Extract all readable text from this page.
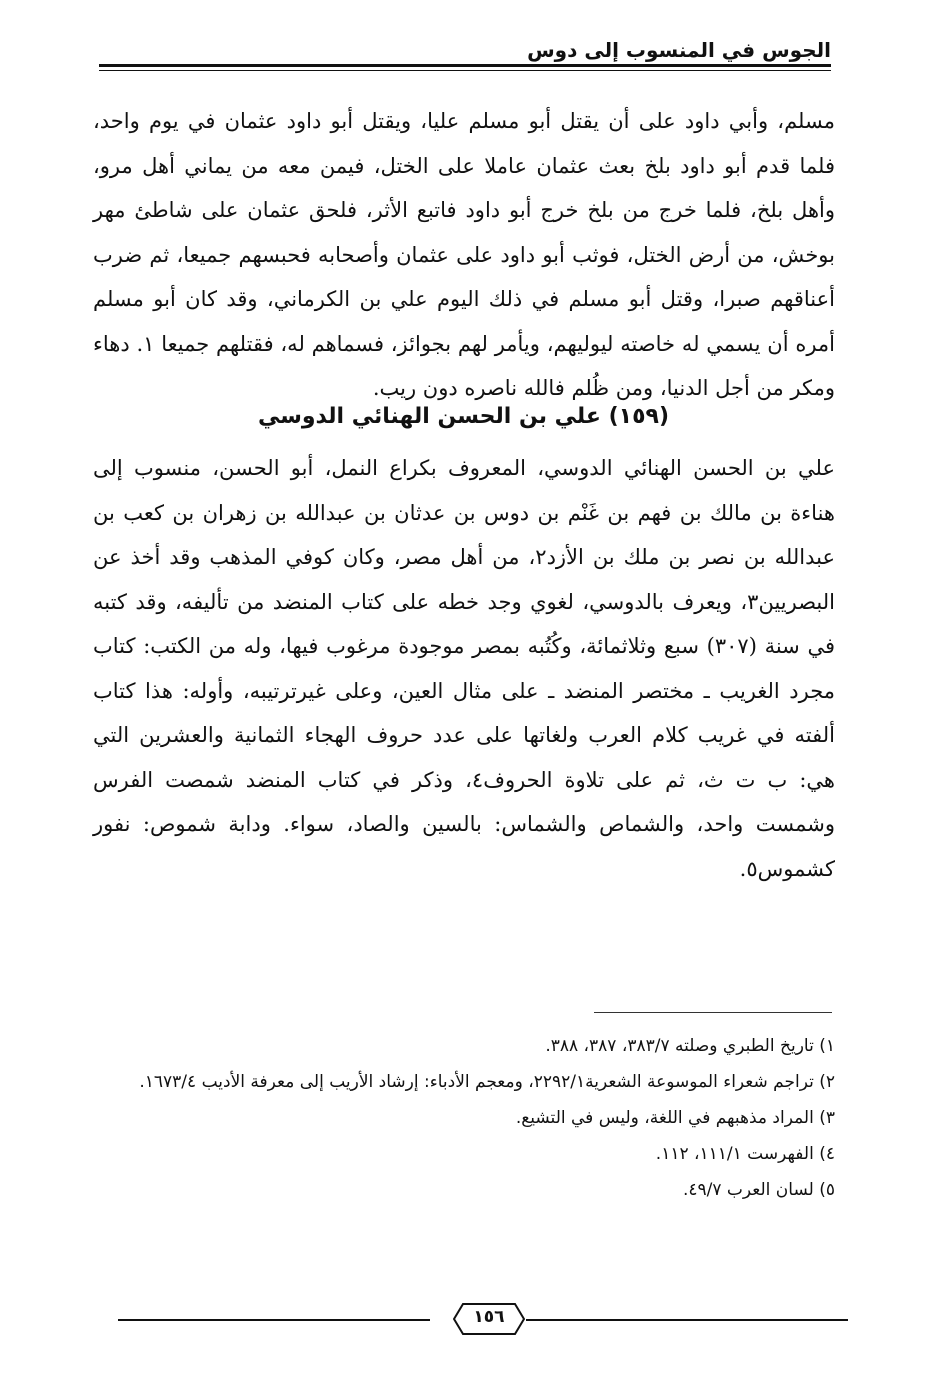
الجوس في المنسوب إلى دوس

مسلم، وأبي داود على أن يقتل أبو مسلم عليا، ويقتل أبو داود عثمان في يوم واحد، فلما قدم أبو داود بلخ بعث عثمان عاملا على الختل، فيمن معه من يماني أهل مرو، وأهل بلخ، فلما خرج من بلخ خرج أبو داود فاتبع الأثر، فلحق عثمان على شاطئ مهر بوخش، من أرض الختل، فوثب أبو داود على عثمان وأصحابه فحبسهم جميعا، ثم ضرب أعناقهم صبرا، وقتل أبو مسلم في ذلك اليوم علي بن الكرماني، وقد كان أبو مسلم أمره أن يسمي له خاصته ليوليهم، ويأمر لهم بجوائز، فسماهم له، فقتلهم جميعا ١. دهاء ومكر من أجل الدنيا، ومن ظُلم فالله ناصره دون ريب.

(١٥٩) علي بن الحسن الهنائي الدوسي

علي بن الحسن الهنائي الدوسي، المعروف بكراع النمل، أبو الحسن، منسوب إلى هناءة بن مالك بن فهم بن غَنْم بن دوس بن عدثان بن عبدالله بن زهران بن كعب بن عبدالله بن نصر بن ملك بن الأزد٢، من أهل مصر، وكان كوفي المذهب وقد أخذ عن البصريين٣، ويعرف بالدوسي، لغوي وجد خطه على كتاب المنضد من تأليفه، وقد كتبه في سنة (٣٠٧) سبع وثلاثمائة، وكُتُبه بمصر موجودة مرغوب فيها، وله من الكتب: كتاب مجرد الغريب ـ مختصر المنضد ـ على مثال العين، وعلى غيرترتيبه، وأوله: هذا كتاب ألفته في غريب كلام العرب ولغاتها على عدد حروف الهجاء الثمانية والعشرين التي هي: ب ت ث، ثم على تلاوة الحروف٤، وذكر في كتاب المنضد شمصت الفرس وشمست واحد، والشماص والشماس: بالسين والصاد، سواء. ودابة شموص: نفور كشموس٥.

١) تاريخ الطبري وصلته ٣٨٣/٧، ٣٨٧، ٣٨٨.
٢) تراجم شعراء الموسوعة الشعرية٢٢٩٢/١، ومعجم الأدباء: إرشاد الأريب إلى معرفة الأديب ١٦٧٣/٤.
٣) المراد مذهبهم في اللغة، وليس في التشيع.
٤) الفهرست ١١١/١، ١١٢.
٥) لسان العرب ٤٩/٧.
١٥٦
